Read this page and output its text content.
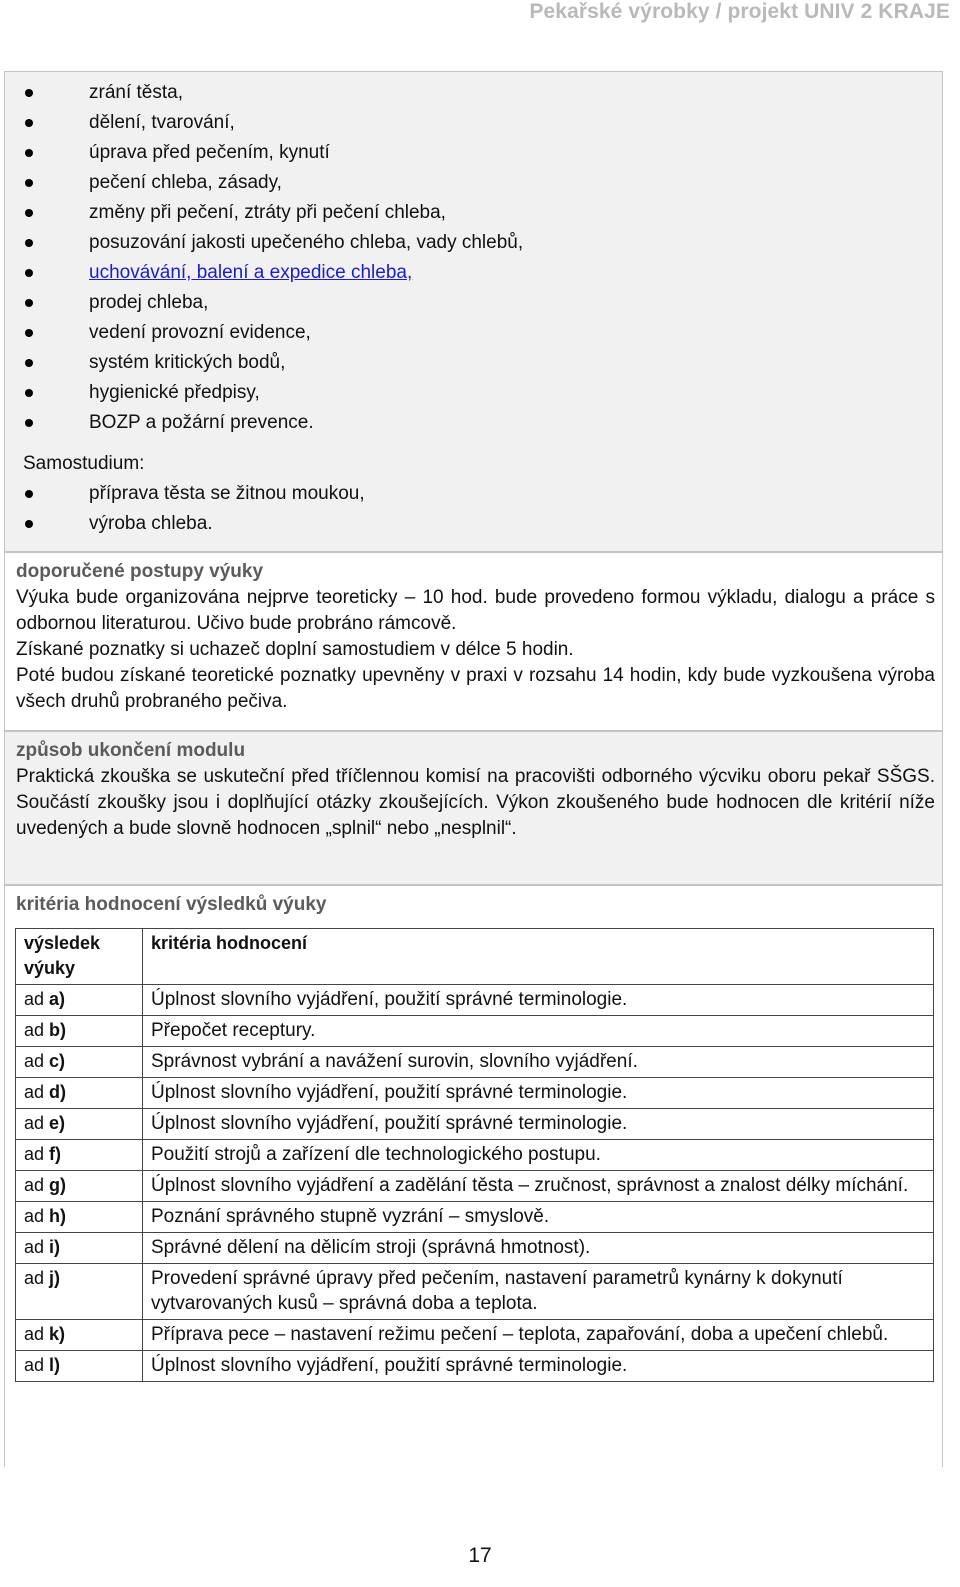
Pekařské výrobky / projekt UNIV 2 KRAJE
zrání těsta,
dělení, tvarování,
úprava před pečením, kynutí
pečení chleba, zásady,
změny při pečení, ztráty při pečení chleba,
posuzování jakosti upečeného chleba, vady chlebů,
uchovávání, balení a expedice chleba,
prodej chleba,
vedení provozní evidence,
systém kritických bodů,
hygienické předpisy,
BOZP a požární prevence.
Samostudium:
příprava těsta se žitnou moukou,
výroba chleba.
doporučené postupy výuky
Výuka bude organizována nejprve teoreticky – 10 hod. bude provedeno formou výkladu, dialogu a práce s odbornou literaturou. Učivo bude probráno rámcově.
Získané poznatky si uchazeč doplní samostudiem v délce 5 hodin.
Poté budou získané teoretické poznatky upevněny v praxi v rozsahu 14 hodin, kdy bude vyzkoušena výroba všech druhů probraného pečiva.
způsob ukončení modulu
Praktická zkouška se uskuteční před tříčlennou komisí na pracovišti odborného výcviku oboru pekař SŠGS. Součástí zkoušky jsou i doplňující otázky zkoušejících. Výkon zkoušeného bude hodnocen dle kritérií níže uvedených a bude slovně hodnocen „splnil“ nebo „nesplnil“.
kritéria hodnocení výsledků výuky
výsledek výuky	kritéria hodnocení
ad a)	Úplnost slovního vyjádření, použití správné terminologie.
ad b)	Přepočet receptury.
ad c)	Správnost vybrání a navážení surovin, slovního vyjádření.
ad d)	Úplnost slovního vyjádření, použití správné terminologie.
ad e)	Úplnost slovního vyjádření, použití správné terminologie.
ad f)	Použití strojů a zařízení dle technologického postupu.
ad g)	Úplnost slovního vyjádření a zadělání těsta – zručnost, správnost a znalost délky míchání.
ad h)	Poznání správného stupně vyzrání – smyslově.
ad i)	Správné dělení na dělicím stroji (správná hmotnost).
ad j)	Provedení správné úpravy před pečením, nastavení parametrů kynárny k dokynutí vytvarovaných kusů – správná doba a teplota.
ad k)	Příprava pece – nastavení režimu pečení – teplota, zapařování, doba a upečení chlebů.
ad l)	Úplnost slovního vyjádření, použití správné terminologie.
17
